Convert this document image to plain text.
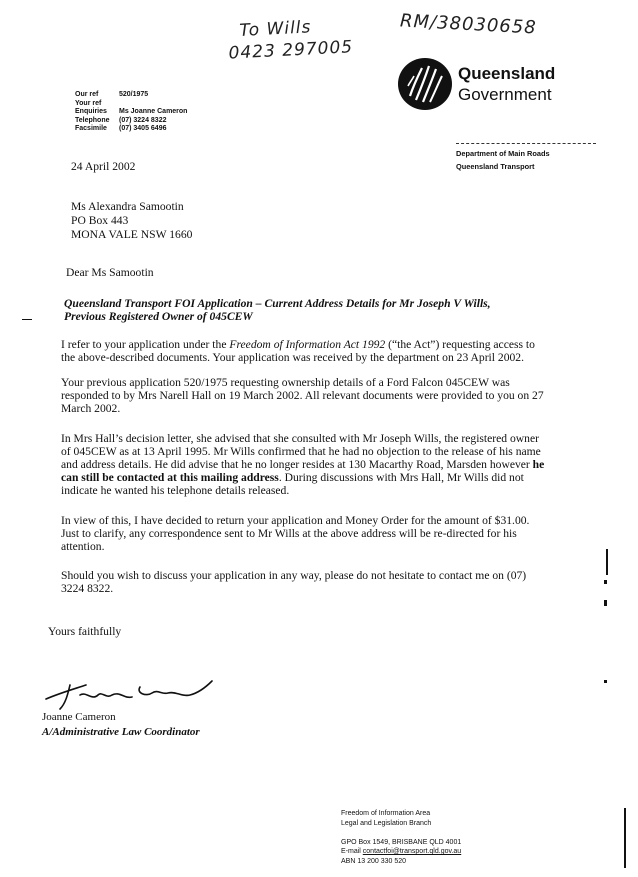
To Wills
0423 297005
RM/38030658
Queensland
Government
Our ref	520/1975
Your ref
Enquiries Ms Joanne Cameron
Telephone (07) 3224 8322
Facsimile (07) 3405 6496
Department of Main Roads
Queensland Transport
24 April 2002
Ms Alexandra Samootin
PO Box 443
MONA VALE NSW 1660
Dear Ms Samootin
Queensland Transport FOI Application – Current Address Details for Mr Joseph V Wills,
Previous Registered Owner of 045CEW
I refer to your application under the Freedom of Information Act 1992 (“the Act”) requesting access to the above-described documents. Your application was received by the department on 23 April 2002.
Your previous application 520/1975 requesting ownership details of a Ford Falcon 045CEW was responded to by Mrs Narell Hall on 19 March 2002. All relevant documents were provided to you on 27 March 2002.
In Mrs Hall’s decision letter, she advised that she consulted with Mr Joseph Wills, the registered owner of 045CEW as at 13 April 1995. Mr Wills confirmed that he had no objection to the release of his name and address details. He did advise that he no longer resides at 130 Macarthy Road, Marsden however he can still be contacted at this mailing address. During discussions with Mrs Hall, Mr Wills did not indicate he wanted his telephone details released.
In view of this, I have decided to return your application and Money Order for the amount of $31.00. Just to clarify, any correspondence sent to Mr Wills at the above address will be re-directed for his attention.
Should you wish to discuss your application in any way, please do not hesitate to contact me on (07) 3224 8322.
Yours faithfully
Joanne Cameron
A/Administrative Law Coordinator
Freedom of Information Area
Legal and Legislation Branch
GPO Box 1549, BRISBANE QLD 4001
E-mail contactfoi@transport.qld.gov.au
ABN 13 200 330 520
